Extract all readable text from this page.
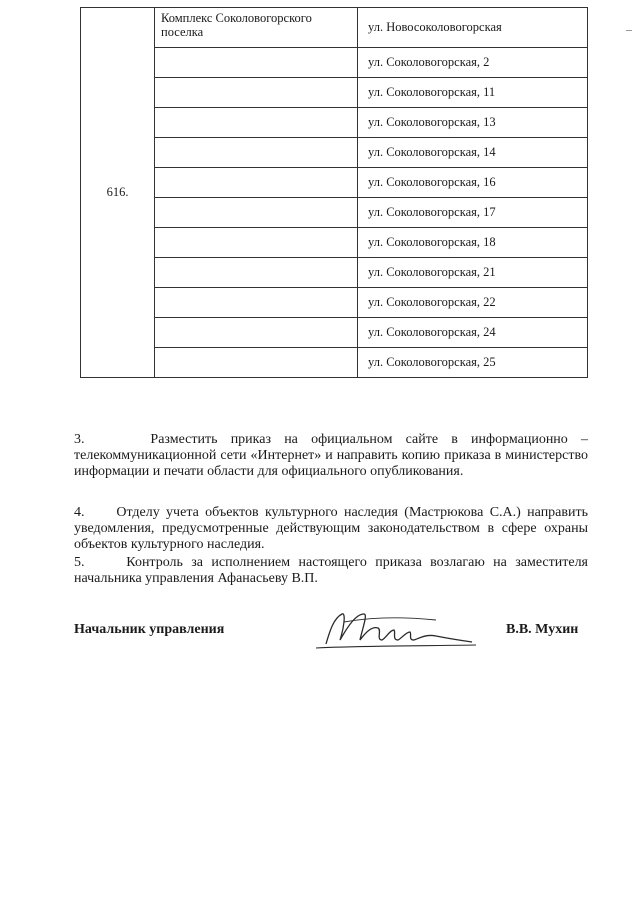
616.	Комплекс Соколовогорского поселка	ул. Новосоколовогорская
		ул. Соколовогорская, 2
		ул. Соколовогорская, 11
		ул. Соколовогорская, 13
		ул. Соколовогорская, 14
		ул. Соколовогорская, 16
		ул. Соколовогорская, 17
		ул. Соколовогорская, 18
		ул. Соколовогорская, 21
		ул. Соколовогорская, 22
		ул. Соколовогорская, 24
		ул. Соколовогорская, 25

3.     Разместить приказ на официальном сайте в информационно – телекоммуникационной сети «Интернет» и направить копию приказа в министерство информации и печати области для официального опубликования.

4.     Отделу учета объектов культурного наследия (Мастрюкова С.А.) направить уведомления, предусмотренные действующим законодательством в сфере охраны объектов культурного наследия.

5.     Контроль за исполнением настоящего приказа возлагаю на заместителя начальника управления Афанасьеву В.П.

Начальник управления	В.В. Мухин
